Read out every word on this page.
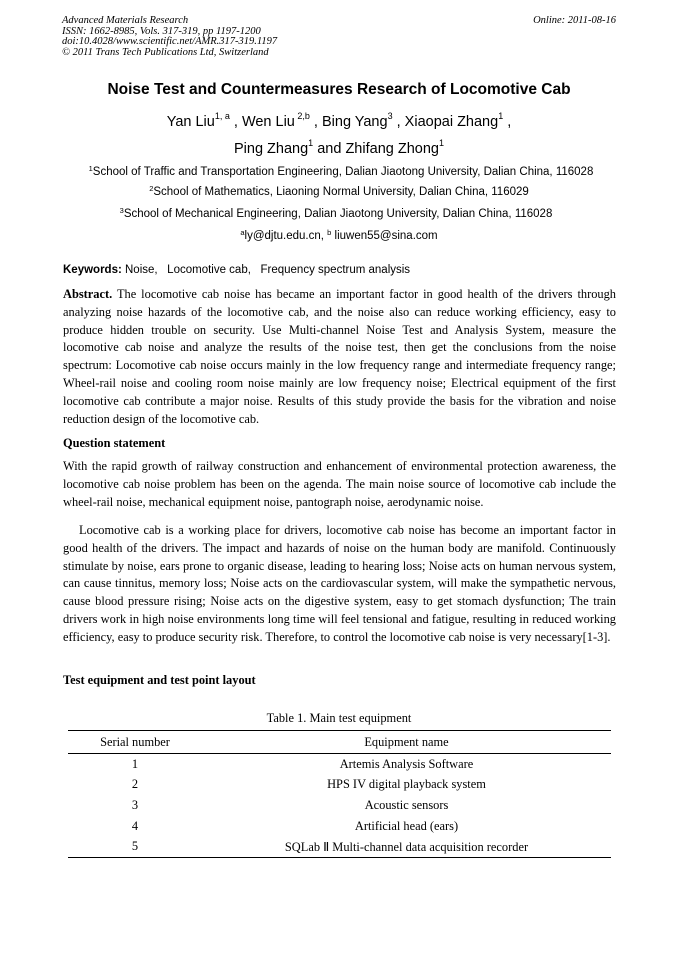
Advanced Materials Research
ISSN: 1662-8985, Vols. 317-319, pp 1197-1200
doi:10.4028/www.scientific.net/AMR.317-319.1197
© 2011 Trans Tech Publications Ltd, Switzerland
Online: 2011-08-16
Noise Test and Countermeasures Research of Locomotive Cab
Yan Liu$^{1, a}$ , Wen Liu $^{2,b}$ , Bing Yang$^3$ , Xiaopai Zhang$^1$ ,
Ping Zhang$^1$ and Zhifang Zhong$^1$
$^1$School of Traffic and Transportation Engineering, Dalian Jiaotong University, Dalian China, 116028
$^2$School of Mathematics, Liaoning Normal University, Dalian China, 116029
$^3$School of Mechanical Engineering, Dalian Jiaotong University, Dalian China, 116028
$^a$ly@djtu.edu.cn, $^b$ liuwen55@sina.com
Keywords: Noise,   Locomotive cab,   Frequency spectrum analysis
Abstract. The locomotive cab noise has became an important factor in good health of the drivers through analyzing noise hazards of the locomotive cab, and the noise also can reduce working efficiency, easy to produce hidden trouble on security. Use Multi-channel Noise Test and Analysis System, measure the locomotive cab noise and analyze the results of the noise test, then get the conclusions from the noise spectrum: Locomotive cab noise occurs mainly in the low frequency range and intermediate frequency range; Wheel-rail noise and cooling room noise mainly are low frequency noise; Electrical equipment of the first locomotive cab contribute a major noise. Results of this study provide the basis for the vibration and noise reduction design of the locomotive cab.
Question statement
With the rapid growth of railway construction and enhancement of environmental protection awareness, the locomotive cab noise problem has been on the agenda. The main noise source of locomotive cab include the wheel-rail noise, mechanical equipment noise, pantograph noise, aerodynamic noise.
Locomotive cab is a working place for drivers, locomotive cab noise has become an important factor in good health of the drivers. The impact and hazards of noise on the human body are manifold. Continuously stimulate by noise, ears prone to organic disease, leading to hearing loss; Noise acts on human nervous system, can cause tinnitus, memory loss; Noise acts on the cardiovascular system, will make the sympathetic nervous, cause blood pressure rising; Noise acts on the digestive system, easy to get stomach dysfunction; The train drivers work in high noise environments long time will feel tensional and fatigue, resulting in reduced working efficiency, easy to produce security risk. Therefore, to control the locomotive cab noise is very necessary[1-3].
Test equipment and test point layout
Table 1. Main test equipment
Serial number	Equipment name
1	Artemis Analysis Software
2	HPS IV digital playback system
3	Acoustic sensors
4	Artificial head (ears)
5	SQLab Ⅱ Multi-channel data acquisition recorder
